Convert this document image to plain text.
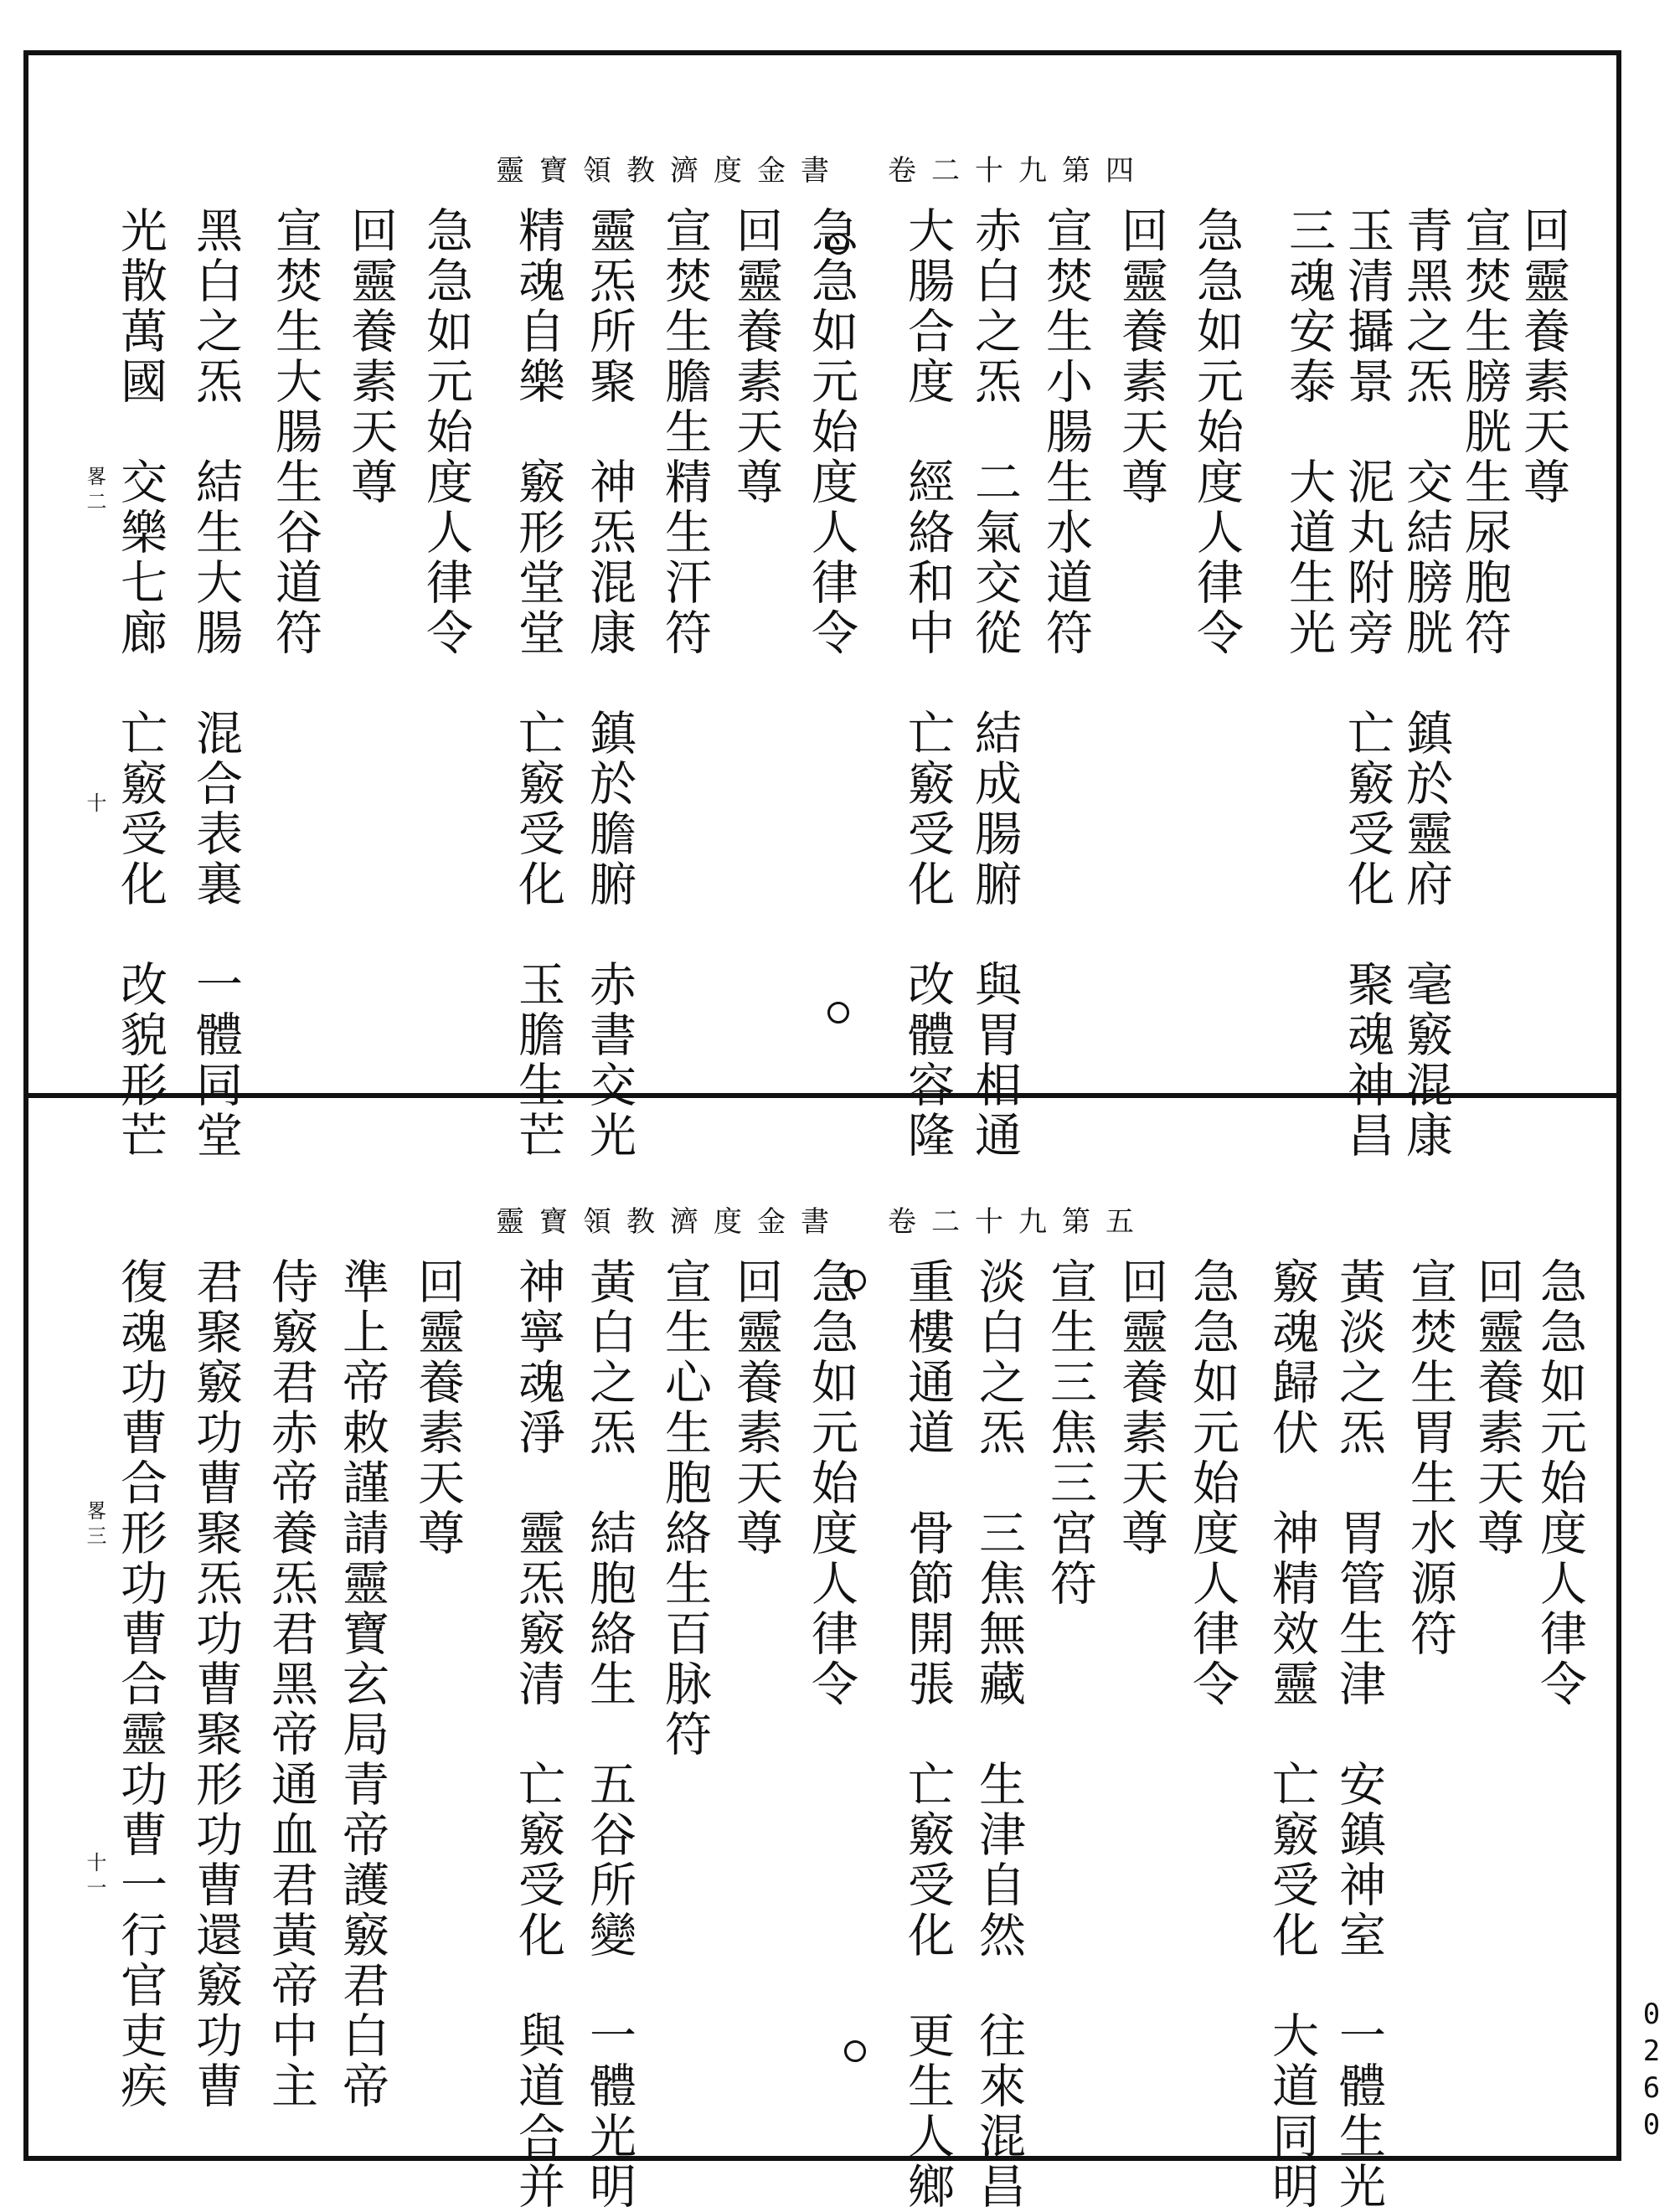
靈寶領教濟度金書　卷二十九第四
回靈養素天尊
宣焚生膀胱生尿胞符
青黑之炁　交結膀胱　鎮於靈府　毫竅混康
玉清攝景　泥丸附旁　亡竅受化　聚魂神昌
三魂安泰　大道生光
急急如元始度人律令
回靈養素天尊
宣焚生小腸生水道符
赤白之炁　二氣交從　結成腸腑　與胃相通
大腸合度　經絡和中　亡竅受化　改體容隆
急急如元始度人律令
回靈養素天尊
宣焚生膽生精生汗符
靈炁所聚　神炁混康　鎮於膽腑　赤書交光
精魂自樂　竅形堂堂　亡竅受化　玉膽生芒
急急如元始度人律令
回靈養素天尊
宣焚生大腸生谷道符
黑白之炁　結生大腸　混合表裏　一體同堂
光散萬國　交樂七廊　亡竅受化　改貌形芒
畧二
十
靈寶領教濟度金書　卷二十九第五
急急如元始度人律令
回靈養素天尊
宣焚生胃生水源符
黃淡之炁　胃管生津　安鎮神室　一體生光
竅魂歸伏　神精效靈　亡竅受化　大道同明
急急如元始度人律令
回靈養素天尊
宣生三焦三宮符
淡白之炁　三焦無藏　生津自然　往來混昌
重樓通道　骨節開張　亡竅受化　更生人鄉
急急如元始度人律令
回靈養素天尊
宣生心生胞絡生百脉符
黃白之炁　結胞絡生　五谷所變　一體光明
神寧魂淨　靈炁竅清　亡竅受化　與道合并
回靈養素天尊
準上帝敕謹請靈寶玄局青帝護竅君白帝
侍竅君赤帝養炁君黑帝通血君黃帝中主
君聚竅功曹聚炁功曹聚形功曹還竅功曹
復魂功曹合形功曹合靈功曹一行官吏疾
畧三
十一
0260
